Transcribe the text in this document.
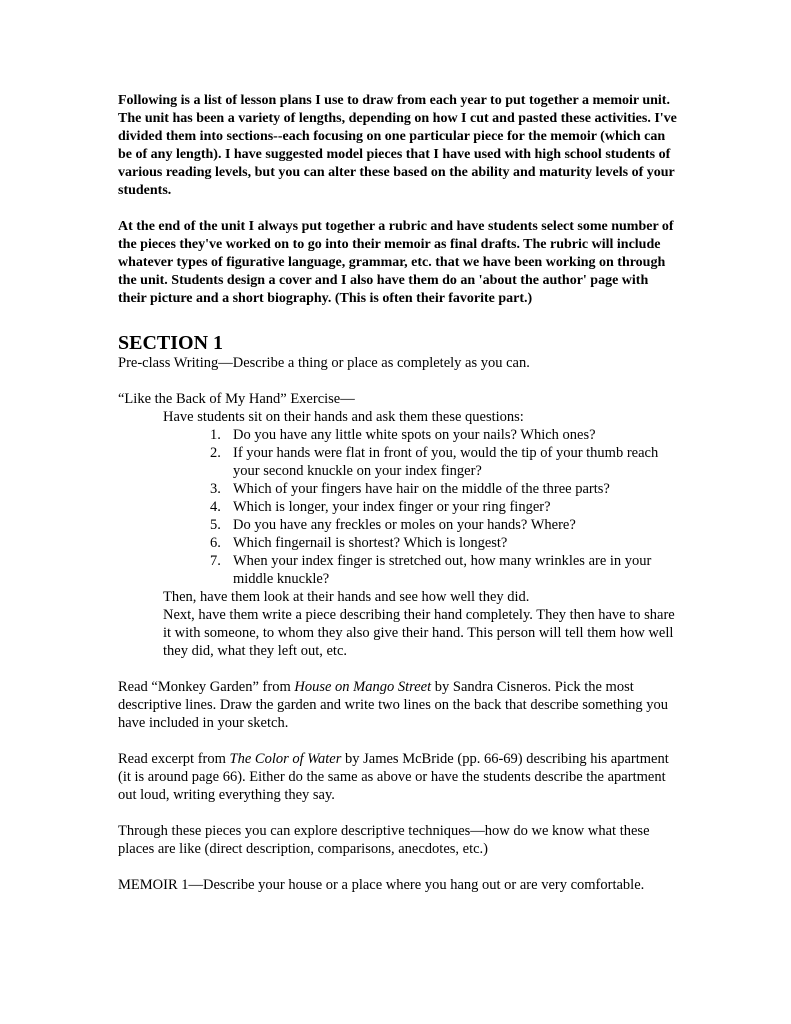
Following is a list of lesson plans I use to draw from each year to put together a memoir unit. The unit has been a variety of lengths, depending on how I cut and pasted these activities. I've divided them into sections--each focusing on one particular piece for the memoir (which can be of any length). I have suggested model pieces that I have used with high school students of various reading levels, but you can alter these based on the ability and maturity levels of your students.

At the end of the unit I always put together a rubric and have students select some number of the pieces they've worked on to go into their memoir as final drafts. The rubric will include whatever types of figurative language, grammar, etc. that we have been working on through the unit. Students design a cover and I also have them do an 'about the author' page with their picture and a short biography. (This is often their favorite part.)

SECTION 1

Pre-class Writing—Describe a thing or place as completely as you can.

“Like the Back of My Hand” Exercise—

Have students sit on their hands and ask them these questions:

1. Do you have any little white spots on your nails? Which ones?
2. If your hands were flat in front of you, would the tip of your thumb reach your second knuckle on your index finger?
3. Which of your fingers have hair on the middle of the three parts?
4. Which is longer, your index finger or your ring finger?
5. Do you have any freckles or moles on your hands? Where?
6. Which fingernail is shortest? Which is longest?
7. When your index finger is stretched out, how many wrinkles are in your middle knuckle?

Then, have them look at their hands and see how well they did.

Next, have them write a piece describing their hand completely. They then have to share it with someone, to whom they also give their hand. This person will tell them how well they did, what they left out, etc.

Read “Monkey Garden” from House on Mango Street by Sandra Cisneros. Pick the most descriptive lines. Draw the garden and write two lines on the back that describe something you have included in your sketch.

Read excerpt from The Color of Water by James McBride (pp. 66-69) describing his apartment (it is around page 66). Either do the same as above or have the students describe the apartment out loud, writing everything they say.

Through these pieces you can explore descriptive techniques—how do we know what these places are like (direct description, comparisons, anecdotes, etc.)

MEMOIR 1—Describe your house or a place where you hang out or are very comfortable.
